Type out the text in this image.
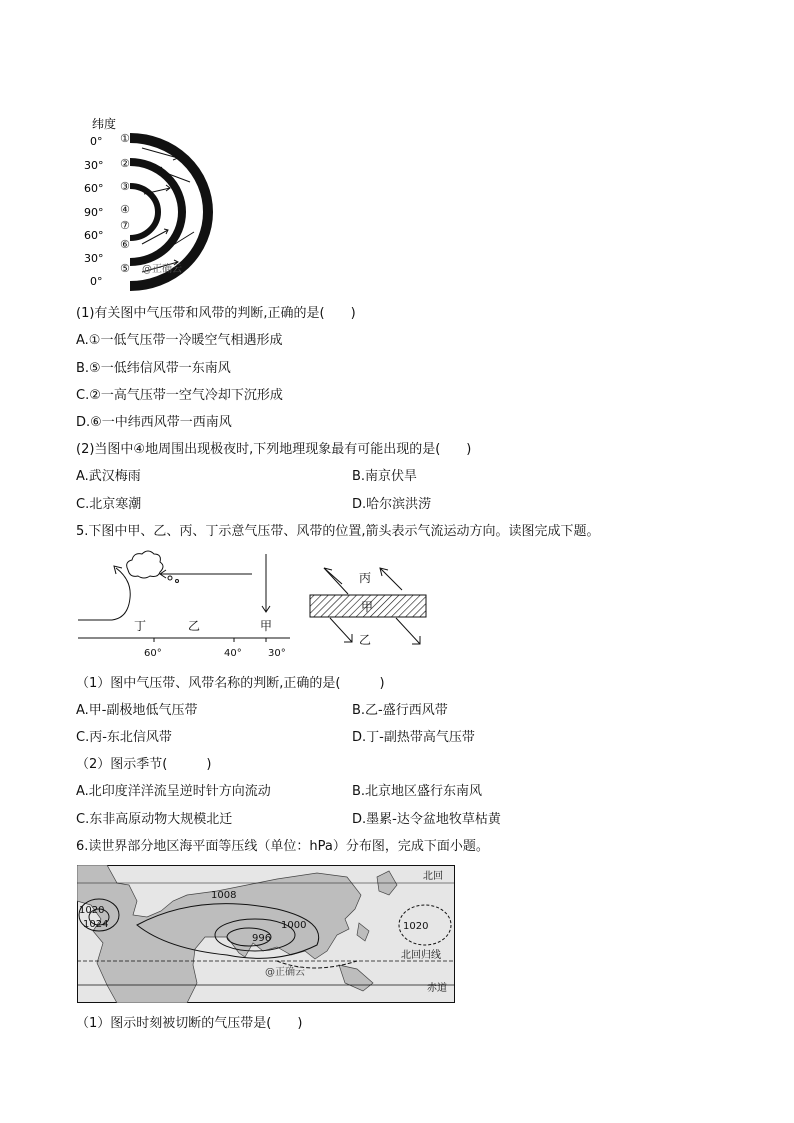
纬度
0°
30°
60°
90°
60°
30°
0°
①
②
③
④
⑦
⑥
⑤ @正确云
(1)有关图中气压带和风带的判断,正确的是(　　)
A.①一低气压带一冷暖空气相遇形成
B.⑤一低纬信风带一东南风
C.②一高气压带一空气冷却下沉形成
D.⑥一中纬西风带一西南风
(2)当图中④地周围出现极夜时,下列地理现象最有可能出现的是(　　)
A.武汉梅雨	B.南京伏旱
C.北京寒潮	D.哈尔滨洪涝
5.下图中甲、乙、丙、丁示意气压带、风带的位置,箭头表示气流运动方向。读图完成下题。
丁	乙	甲
60°	40°	30°
丙
甲
乙
（1）图中气压带、风带名称的判断,正确的是(　　　)
A.甲-副极地低气压带	B.乙-盛行西风带
C.丙-东北信风带	D.丁-副热带高气压带
（2）图示季节(　　　)
A.北印度洋洋流呈逆时针方向流动	B.北京地区盛行东南风
C.东非高原动物大规模北迁	D.墨累-达令盆地牧草枯黄
6.读世界部分地区海平面等压线（单位：hPa）分布图，完成下面小题。
1008
1000
996
1020
1024	1020
北回
北回归线
赤道
@正确云
（1）图示时刻被切断的气压带是(　　)
